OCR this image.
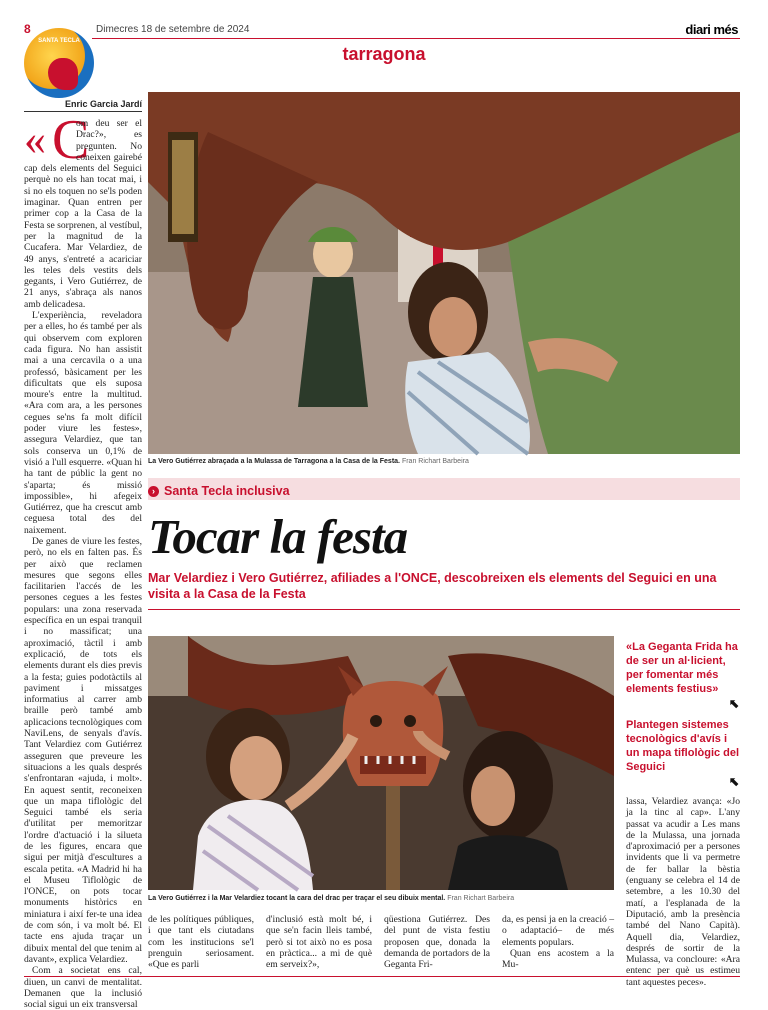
8
SANTA TECLA
Dimecres 18 de setembre de 2024	diari més
tarragona
Enric Garcia Jardí
« C

om deu ser el Drac?», es pregunten. No coneixen gairebé cap dels elements del Seguici perquè no els han tocat mai, i si no els toquen no se'ls poden imaginar. Quan entren per primer cop a la Casa de la Festa se sorprenen, al vestíbul, per la magnitud de la Cucafera. Mar Velardiez, de 49 anys, s'entreté a acariciar les teles dels vestits dels gegants, i Vero Gutiérrez, de 21 anys, s'abraça als nanos amb delicadesa.

L'experiència, reveladora per a elles, ho és també per als qui observem com exploren cada figura. No han assistit mai a una cercavila o a una professó, bàsicament per les dificultats que els suposa moure's entre la multitud. «Ara com ara, a les persones cegues se'ns fa molt difícil poder viure les festes», assegura Velardiez, que tan sols conserva un 0,1% de visió a l'ull esquerre. «Quan hi ha tant de públic la gent no s'aparta; és missió impossible», hi afegeix Gutiérrez, que ha crescut amb ceguesa total des del naixement.

De ganes de viure les festes, però, no els en falten pas. És per això que reclamen mesures que segons elles facilitarien l'accés de les persones cegues a les festes populars: una zona reservada específica en un espai tranquil i no massificat; una aproximació, tàctil i amb explicació, de tots els elements durant els dies previs a la festa; guies podotàctils al paviment i missatges informatius al carrer amb braille però també amb aplicacions tecnològiques com NaviLens, de senyals d'avís. Tant Velardiez com Gutiérrez asseguren que preveure les situacions a les quals després s'enfrontaran «ajuda, i molt». En aquest sentit, reconeixen que un mapa tiflològic del Seguici també els seria d'utilitat per memoritzar l'ordre d'actuació i la silueta de les figures, encara que sigui per mitjà d'escultures a escala petita. «A Madrid hi ha el Museu Tiflològic de l'ONCE, on pots tocar monuments històrics en miniatura i així fer-te una idea de com són, i va molt bé. El tacte ens ajuda traçar un dibuix mental del que tenim al davant», explica Velardiez.

Com a societat ens cal, diuen, un canvi de mentalitat. Demanen que la inclusió social sigui un eix transversal

La Vero Gutiérrez abraçada a la Mulassa de Tarragona a la Casa de la Festa. Fran Richart Barbeira
› Santa Tecla inclusiva
Tocar la festa
Mar Velardiez i Vero Gutiérrez, afiliades a l'ONCE, descobreixen els elements del Seguici en una visita a la Casa de la Festa
La Vero Gutiérrez i la Mar Velardiez tocant la cara del drac per traçar el seu dibuix mental. Fran Richart Barbeira
«La Geganta Frida ha de ser un al·licient, per fomentar més elements festius»
⬉
Plantegen sistemes tecnològics d'avís i un mapa tiflològic del Seguici
⬉

lassa, Velardiez avança: «Jo ja la tinc al cap». L'any passat va acudir a Les mans de la Mulassa, una jornada d'aproximació per a persones invidents que li va permetre de fer ballar la bèstia (enguany se celebra el 14 de setembre, a les 10.30 del matí, a l'esplanada de la Diputació, amb la presència també del Nano Capità). Aquell dia, Velardiez, després de sortir de la Mulassa, va concloure: «Ara entenc per què us estimeu tant aquestes peces».

de les polítiques públiques, i que tant els ciutadans com les institucions se'l prenguin seriosament. «Que es parli

d'inclusió està molt bé, i que se'n facin lleis també, però si tot això no es posa en pràctica... a mi de què em serveix?»,

qüestiona Gutiérrez. Des del punt de vista festiu proposen que, donada la demanda de portadors de la Geganta Fri-

da, es pensi ja en la creació –o adaptació– de més elements populars.

Quan ens acostem a la Mu-
